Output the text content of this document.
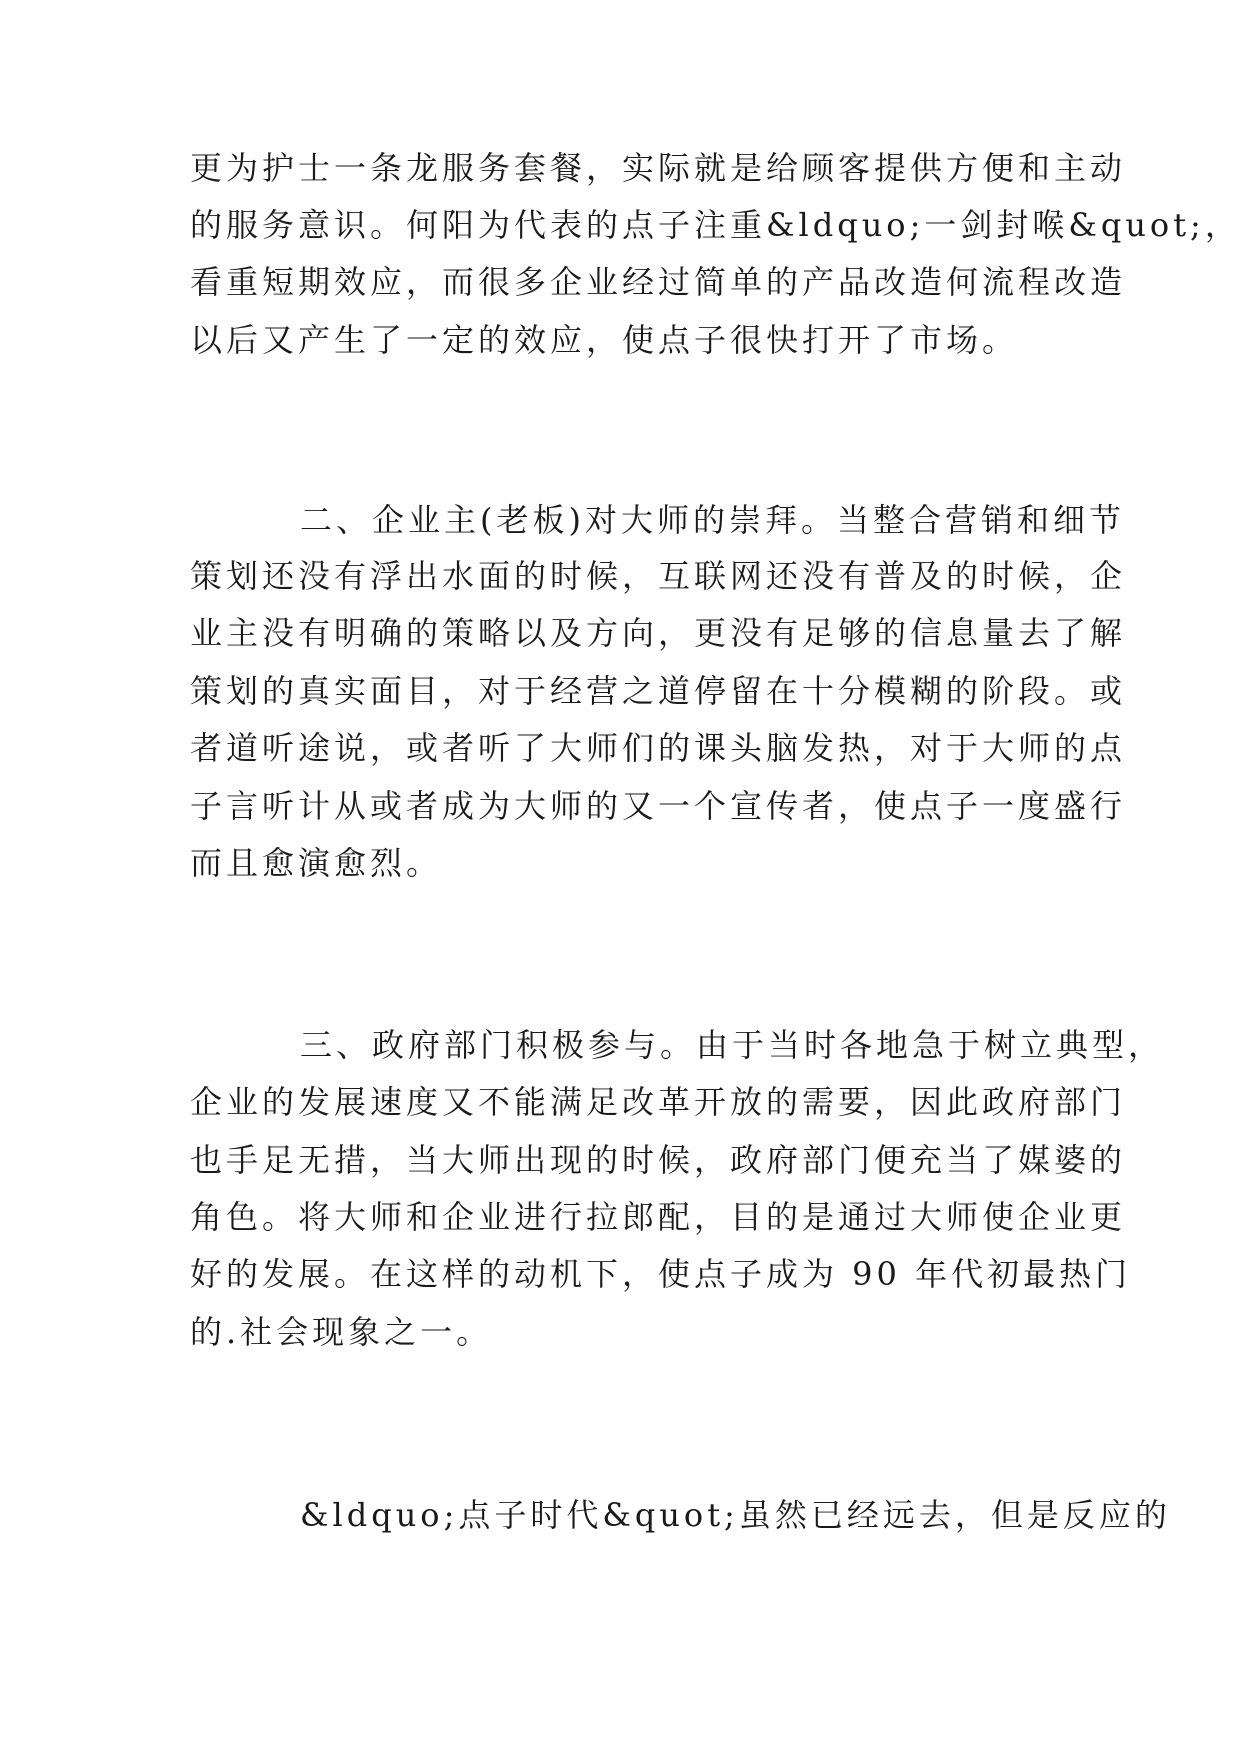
更为护士一条龙服务套餐，实际就是给顾客提供方便和主动
的服务意识。何阳为代表的点子注重&ldquo;一剑封喉&quot;，
看重短期效应，而很多企业经过简单的产品改造何流程改造
以后又产生了一定的效应，使点子很快打开了市场。
二、企业主(老板)对大师的崇拜。当整合营销和细节
策划还没有浮出水面的时候，互联网还没有普及的时候，企
业主没有明确的策略以及方向，更没有足够的信息量去了解
策划的真实面目，对于经营之道停留在十分模糊的阶段。或
者道听途说，或者听了大师们的课头脑发热，对于大师的点
子言听计从或者成为大师的又一个宣传者，使点子一度盛行
而且愈演愈烈。
三、政府部门积极参与。由于当时各地急于树立典型，
企业的发展速度又不能满足改革开放的需要，因此政府部门
也手足无措，当大师出现的时候，政府部门便充当了媒婆的
角色。将大师和企业进行拉郎配，目的是通过大师使企业更
好的发展。在这样的动机下，使点子成为 90 年代初最热门
的.社会现象之一。
&ldquo;点子时代&quot;虽然已经远去，但是反应的
